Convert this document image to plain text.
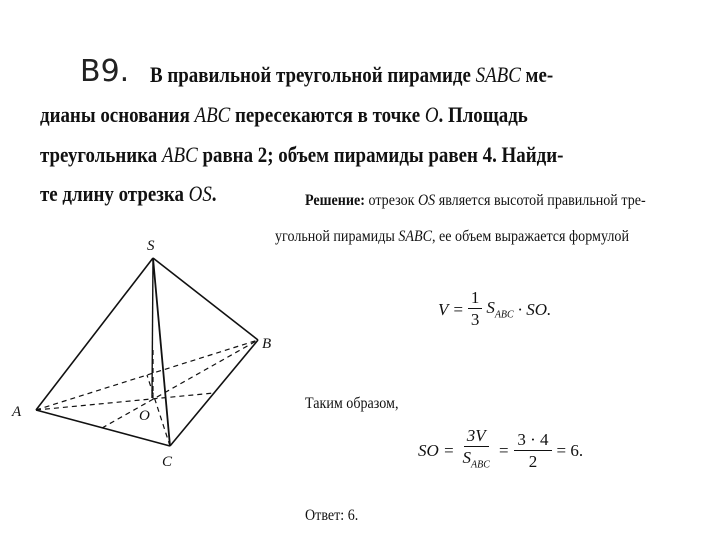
B9. В правильной треугольной пирамиде SABC ме-
дианы основания ABC пересекаются в точке O. Площадь
треугольника ABC равна 2; объем пирамиды равен 4. Найди-
те длину отрезка OS.	Решение: отрезок OS является высотой правильной тре-
угольной пирамиды SABC, ее объем выражается формулой
$V = \frac{1}{3} S_{ABC}$ · SO.
Таким образом,
SO = $\frac{3V}{S_{ABC}} = \frac{3 \cdot 4}{2} = 6$.
Ответ: 6.
S
A
B
C
O
